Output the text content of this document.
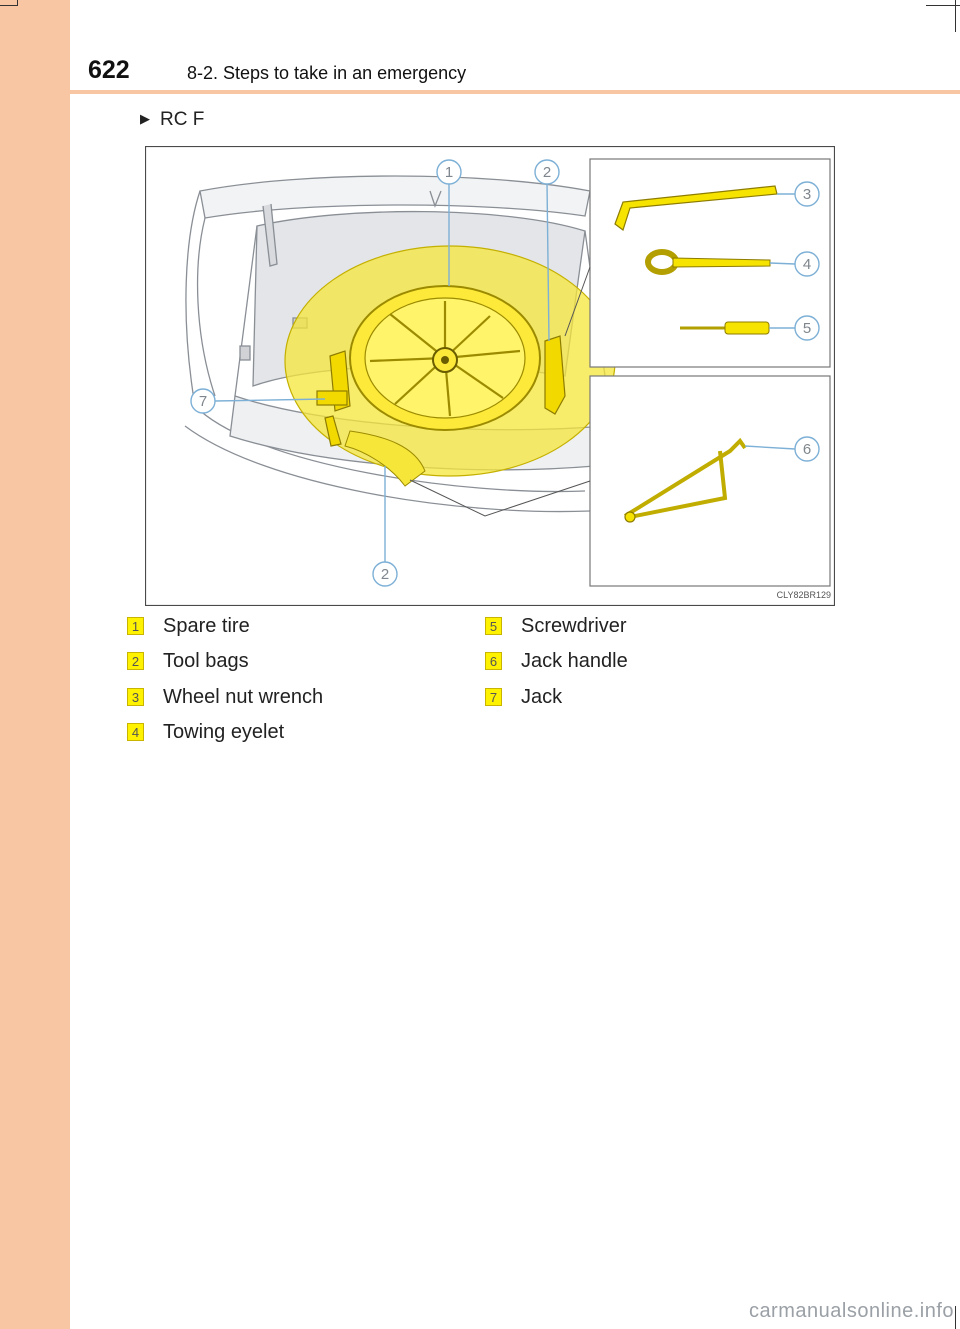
622	8-2. Steps to take in an emergency
▶ RC F
1	2
3
4
5
6
7
2
CLY82BR129
1 Spare tire
2 Tool bags
3 Wheel nut wrench
4 Towing eyelet
5 Screwdriver
6 Jack handle
7 Jack
carmanualsonline.info
